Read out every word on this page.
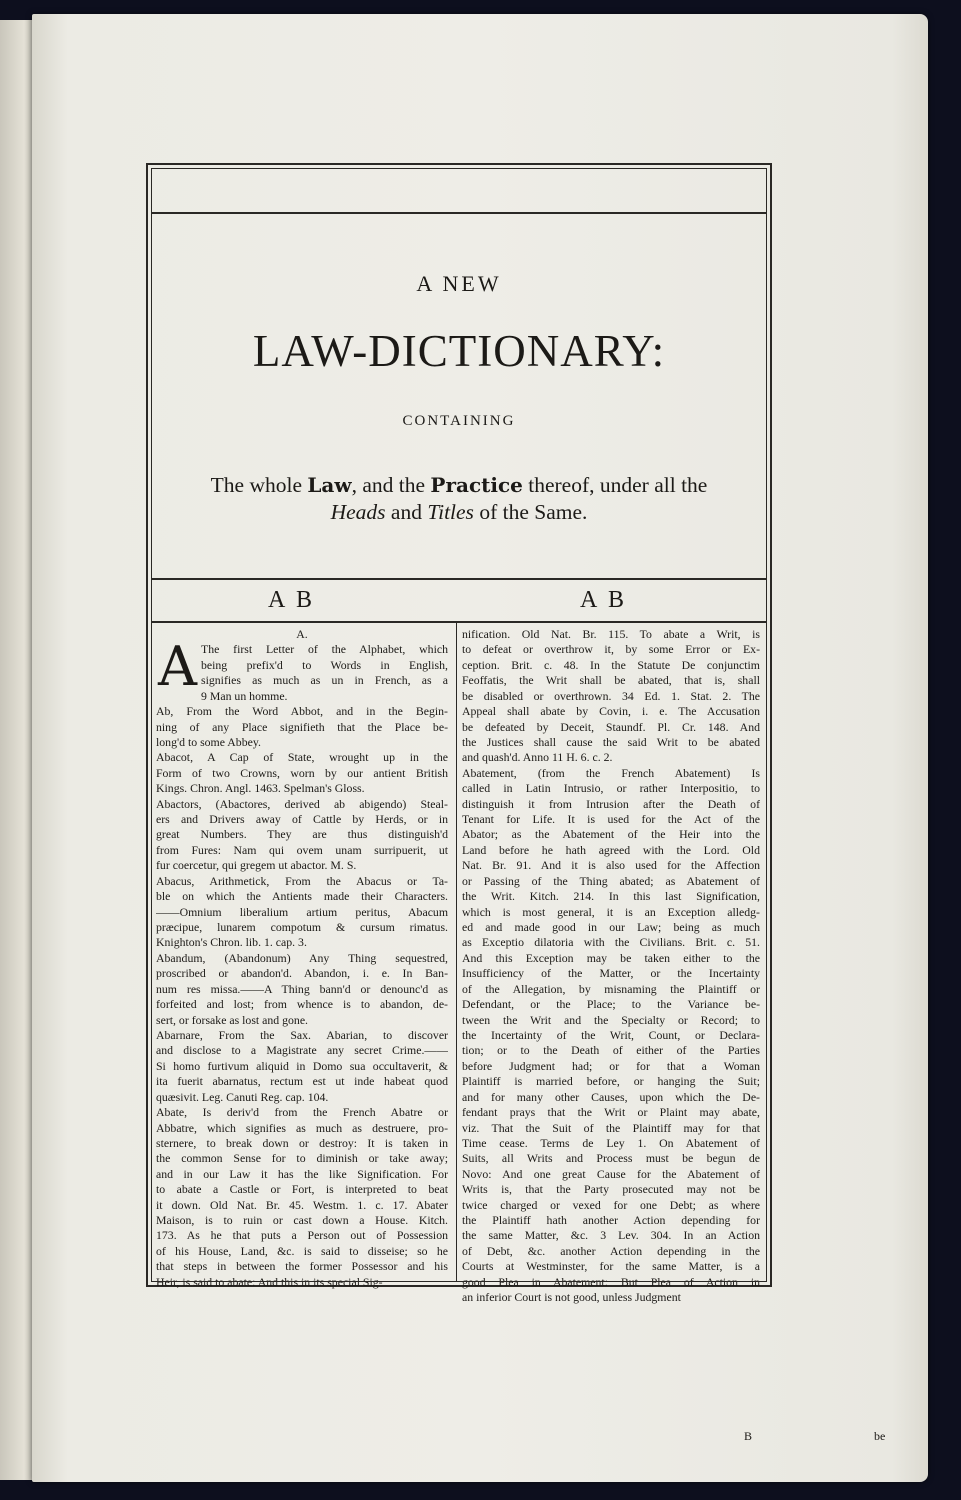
A NEW
LAW-DICTIONARY:
CONTAINING
The whole Law, and the Practice thereof, under all the
Heads and Titles of the Same.
A B	A B
A.
A The first Letter of the Alphabet, which
being prefix'd to Words in English,
signifies as much as un in French, as a
9 Man un homme.
Ab, From the Word Abbot, and in the Begin-
ning of any Place signifieth that the Place be-
long'd to some Abbey.
Abacot, A Cap of State, wrought up in the
Form of two Crowns, worn by our antient British
Kings. Chron. Angl. 1463. Spelman's Gloss.
Abactors, (Abactores, derived ab abigendo) Steal-
ers and Drivers away of Cattle by Herds, or in
great Numbers. They are thus distinguish'd
from Fures: Nam qui ovem unam surripuerit, ut
fur coercetur, qui gregem ut abactor. M. S.
Abacus, Arithmetick, From the Abacus or Ta-
ble on which the Antients made their Characters.
——Omnium liberalium artium peritus, Abacum
præcipue, lunarem compotum & cursum rimatus.
Knighton's Chron. lib. 1. cap. 3.
Abandum, (Abandonum) Any Thing sequestred,
proscribed or abandon'd. Abandon, i. e. In Ban-
num res missa.——A Thing bann'd or denounc'd as
forfeited and lost; from whence is to abandon, de-
sert, or forsake as lost and gone.
Abarnare, From the Sax. Abarian, to discover
and disclose to a Magistrate any secret Crime.——
Si homo furtivum aliquid in Domo sua occultaverit, &
ita fuerit abarnatus, rectum est ut inde habeat quod
quæsivit. Leg. Canuti Reg. cap. 104.
Abate, Is deriv'd from the French Abatre or
Abbatre, which signifies as much as destruere, pro-
sternere, to break down or destroy: It is taken in
the common Sense for to diminish or take away;
and in our Law it has the like Signification. For
to abate a Castle or Fort, is interpreted to beat
it down. Old Nat. Br. 45. Westm. 1. c. 17. Abater
Maison, is to ruin or cast down a House. Kitch.
173. As he that puts a Person out of Possession
of his House, Land, &c. is said to disseise; so he
that steps in between the former Possessor and his
Heir, is said to abate: And this in its special Sig-
nification. Old Nat. Br. 115. To abate a Writ, is
to defeat or overthrow it, by some Error or Ex-
ception. Brit. c. 48. In the Statute De conjunctim
Feoffatis, the Writ shall be abated, that is, shall
be disabled or overthrown. 34 Ed. 1. Stat. 2. The
Appeal shall abate by Covin, i. e. The Accusation
be defeated by Deceit, Staundf. Pl. Cr. 148. And
the Justices shall cause the said Writ to be abated
and quash'd. Anno 11 H. 6. c. 2.
Abatement, (from the French Abatement) Is
called in Latin Intrusio, or rather Interpositio, to
distinguish it from Intrusion after the Death of
Tenant for Life. It is used for the Act of the
Abator; as the Abatement of the Heir into the
Land before he hath agreed with the Lord. Old
Nat. Br. 91. And it is also used for the Affection
or Passing of the Thing abated; as Abatement of
the Writ. Kitch. 214. In this last Signification,
which is most general, it is an Exception alledg-
ed and made good in our Law; being as much
as Exceptio dilatoria with the Civilians. Brit. c. 51.
And this Exception may be taken either to the
Insufficiency of the Matter, or the Incertainty
of the Allegation, by misnaming the Plaintiff or
Defendant, or the Place; to the Variance be-
tween the Writ and the Specialty or Record; to
the Incertainty of the Writ, Count, or Declara-
tion; or to the Death of either of the Parties
before Judgment had; or for that a Woman
Plaintiff is married before, or hanging the Suit;
and for many other Causes, upon which the De-
fendant prays that the Writ or Plaint may abate,
viz. That the Suit of the Plaintiff may for that
Time cease. Terms de Ley 1. On Abatement of
Suits, all Writs and Process must be begun de
Novo: And one great Cause for the Abatement of
Writs is, that the Party prosecuted may not be
twice charged or vexed for one Debt; as where
the Plaintiff hath another Action depending for
the same Matter, &c. 3 Lev. 304. In an Action
of Debt, &c. another Action depending in the
Courts at Westminster, for the same Matter, is a
good Plea in Abatement: But Plea of Action in
an inferior Court is not good, unless Judgment
B	be
